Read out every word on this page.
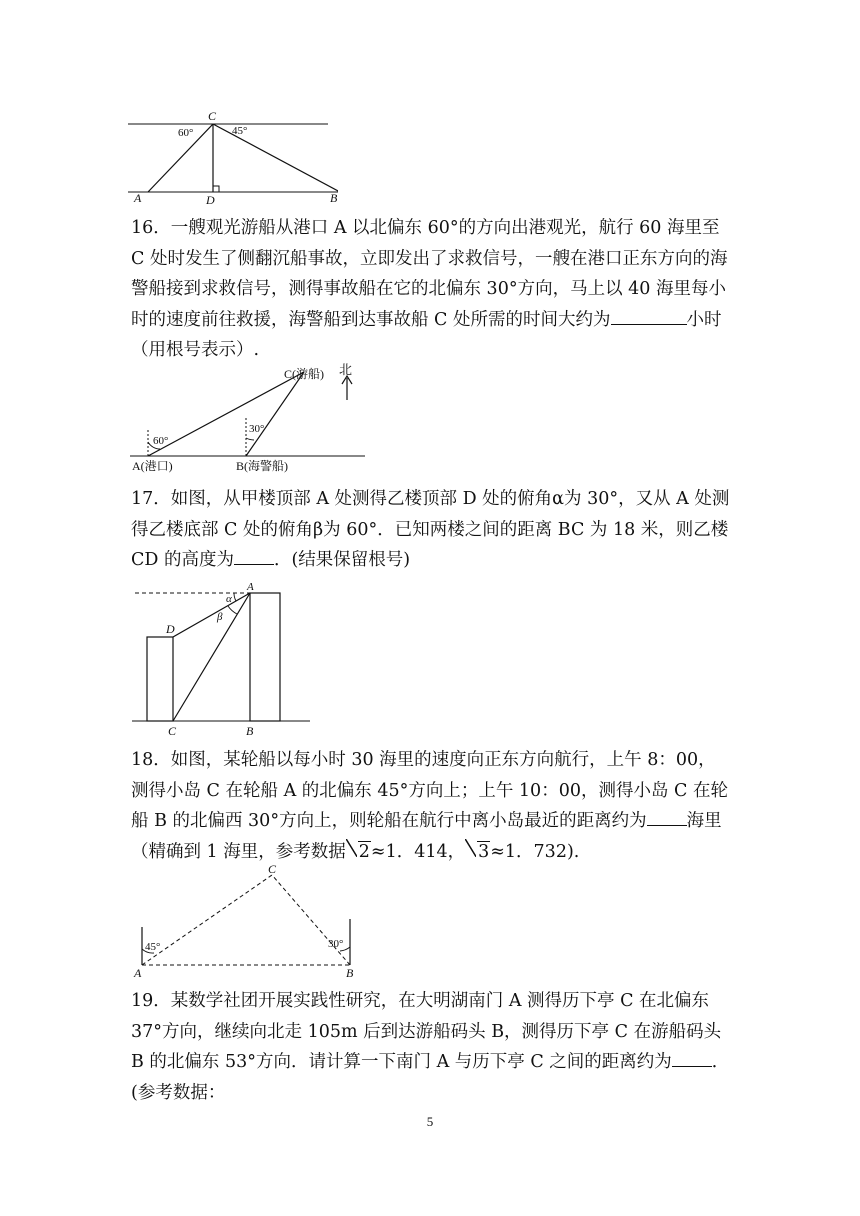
C
60°	45°
A	D	B

16．一艘观光游船从港口 A 以北偏东 60°的方向出港观光，航行 60 海里至 C 处时发生了侧翻沉船事故，立即发出了求救信号，一艘在港口正东方向的海警船接到求救信号，测得事故船在它的北偏东 30°方向，马上以 40 海里每小时的速度前往救援，海警船到达事故船 C 处所需的时间大约为	小时（用根号表示）.

C(游船) 北
60°
30°
A(港口)	B(海警船)

17．如图，从甲楼顶部 A 处测得乙楼顶部 D 处的俯角α为 30°，又从 A 处测得乙楼底部 C 处的俯角β为 60°．已知两楼之间的距离 BC 为 18 米，则乙楼 CD 的高度为 ．(结果保留根号)

A
D
C	B
α
β

18．如图，某轮船以每小时 30 海里的速度向正东方向航行，上午 8：00，测得小岛 C 在轮船 A 的北偏东 45°方向上；上午 10：00，测得小岛 C 在轮船 B 的北偏西 30°方向上，则轮船在航行中离小岛最近的距离约为 海里（精确到 1 海里，参考数据 2≈1．414， 3≈1．732).

C
45°	30°
A	B

19．某数学社团开展实践性研究，在大明湖南门 A 测得历下亭 C 在北偏东 37°方向，继续向北走 105m 后到达游船码头 B，测得历下亭 C 在游船码头 B 的北偏东 53°方向．请计算一下南门 A 与历下亭 C 之间的距离约为 ．(参考数据：

5
